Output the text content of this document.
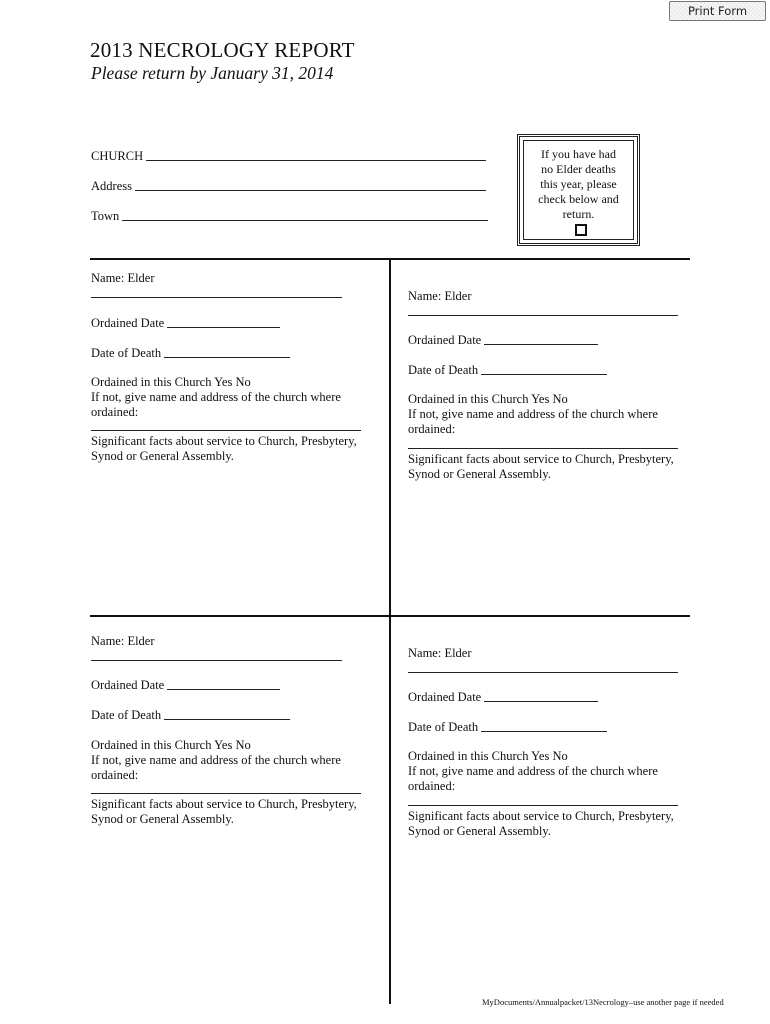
Print Form
2013 NECROLOGY REPORT
Please return by January 31, 2014
CHURCH
Address
Town
If you have had
no Elder deaths
this year, please
check below and
return.
Name: Elder
Ordained Date
Date of Death
Ordained in this Church Yes No
If not, give name and address of the church where
ordained:
Significant facts about service to Church, Presbytery,
Synod or General Assembly.
Name: Elder
Ordained Date
Date of Death
Ordained in this Church Yes No
If not, give name and address of the church where
ordained:
Significant facts about service to Church, Presbytery,
Synod or General Assembly.
Name: Elder
Ordained Date
Date of Death
Ordained in this Church Yes No
If not, give name and address of the church where
ordained:
Significant facts about service to Church, Presbytery,
Synod or General Assembly.
Name: Elder
Ordained Date
Date of Death
Ordained in this Church Yes No
If not, give name and address of the church where
ordained:
Significant facts about service to Church, Presbytery,
Synod or General Assembly.
MyDocuments/Annualpacket/13Necrology–use another page if needed
